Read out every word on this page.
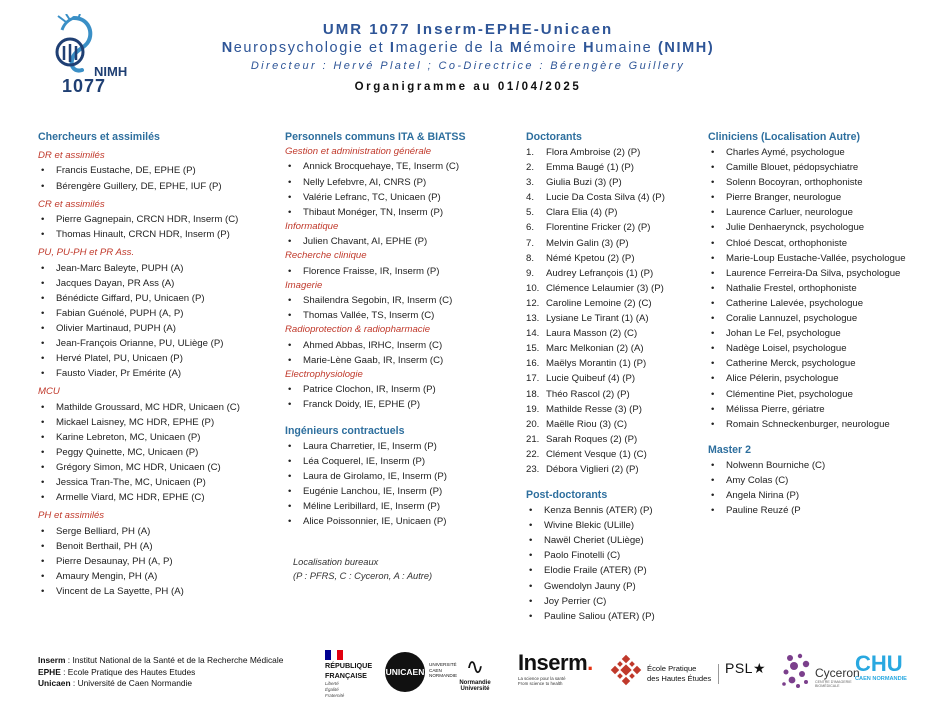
NIMH
1077
UMR 1077 Inserm-EPHE-Unicaen
Neuropsychologie et Imagerie de la Mémoire Humaine (NIMH)
Directeur : Hervé Platel ; Co-Directrice : Bérengère Guillery
Organigramme au 01/04/2025
Chercheurs et assimilés
DR et assimilés
• Francis Eustache, DE, EPHE (P)
• Bérengère Guillery, DE, EPHE, IUF (P)
CR et assimilés
• Pierre Gagnepain, CRCN HDR, Inserm (C)
• Thomas Hinault, CRCN HDR, Inserm (P)
PU, PU-PH et PR Ass.
• Jean-Marc Baleyte, PUPH (A)
• Jacques Dayan, PR Ass (A)
• Bénédicte Giffard, PU, Unicaen (P)
• Fabian Guénolé, PUPH (A, P)
• Olivier Martinaud, PUPH (A)
• Jean-François Orianne, PU, ULiège (P)
• Hervé Platel, PU, Unicaen (P)
• Fausto Viader, Pr Emérite (A)
MCU
• Mathilde Groussard, MC HDR, Unicaen (C)
• Mickael Laisney, MC HDR, EPHE (P)
• Karine Lebreton, MC, Unicaen (P)
• Peggy Quinette, MC, Unicaen (P)
• Grégory Simon, MC HDR, Unicaen (C)
• Jessica Tran-The, MC, Unicaen (P)
• Armelle Viard, MC HDR, EPHE (C)
PH et assimilés
• Serge Belliard, PH (A)
• Benoit Berthail, PH (A)
• Pierre Desaunay, PH (A, P)
• Amaury Mengin, PH (A)
• Vincent de La Sayette, PH (A)
Personnels communs ITA & BIATSS
Gestion et administration générale
• Annick Brocquehaye, TE, Inserm (C)
• Nelly Lefebvre, AI, CNRS (P)
• Valérie Lefranc, TC, Unicaen (P)
• Thibaut Monéger, TN, Inserm (P)
Informatique
• Julien Chavant, AI, EPHE (P)
Recherche clinique
• Florence Fraisse, IR, Inserm (P)
Imagerie
• Shailendra Segobin, IR, Inserm (C)
• Thomas Vallée, TS, Inserm (C)
Radioprotection & radiopharmacie
• Ahmed Abbas, IRHC, Inserm (C)
• Marie-Lène Gaab, IR, Inserm (C)
Electrophysiologie
• Patrice Clochon, IR, Inserm (P)
• Franck Doidy, IE, EPHE (P)
Ingénieurs contractuels
• Laura Charretier, IE, Inserm (P)
• Léa Coquerel, IE, Inserm (P)
• Laura de Girolamo, IE, Inserm (P)
• Eugénie Lanchou, IE, Inserm (P)
• Méline Leribillard, IE, Inserm (P)
• Alice Poissonnier, IE, Unicaen (P)
Localisation bureaux
(P : PFRS, C : Cyceron, A : Autre)
Doctorants
1.	Flora Ambroise (2) (P)
2.	Emma Baugé (1) (P)
3.	Giulia Buzi (3) (P)
4.	Lucie Da Costa Silva (4) (P)
5.	Clara Elia (4) (P)
6.	Florentine Fricker (2) (P)
7.	Melvin Galin (3) (P)
8.	Némé Kpetou (2) (P)
9.	Audrey Lefrançois (1) (P)
10. Clémence Lelaumier (3) (P)
12. Caroline Lemoine (2) (C)
13. Lysiane Le Tirant (1) (A)
14. Laura Masson (2) (C)
15. Marc Melkonian (2) (A)
16. Maëlys Morantin (1) (P)
17. Lucie Quibeuf (4) (P)
18. Théo Rascol (2) (P)
19. Mathilde Resse (3) (P)
20. Maëlle Riou (3) (C)
21. Sarah Roques (2) (P)
22. Clément Vesque (1) (C)
23. Débora Viglieri (2) (P)
Post-doctorants
• Kenza Bennis (ATER) (P)
• Wivine Blekic (ULille)
• Nawël Cheriet (ULiège)
• Paolo Finotelli (C)
• Elodie Fraile (ATER) (P)
• Gwendolyn Jauny (P)
• Joy Perrier (C)
• Pauline Saliou (ATER) (P)
Cliniciens (Localisation Autre)
• Charles Aymé, psychologue
• Camille Blouet, pédopsychiatre
• Solenn Bocoyran, orthophoniste
• Pierre Branger, neurologue
• Laurence Carluer, neurologue
• Julie Denhaerynck, psychologue
• Chloé Descat, orthophoniste
• Marie-Loup Eustache-Vallée, psychologue
• Laurence Ferreira-Da Silva, psychologue
• Nathalie Frestel, orthophoniste
• Catherine Lalevée, psychologue
• Coralie Lannuzel, psychologue
• Johan Le Fel, psychologue
• Nadège Loisel, psychologue
• Catherine Merck, psychologue
• Alice Pélerin, psychologue
• Clémentine Piet, psychologue
• Mélissa Pierre, gériatre
• Romain Schneckenburger, neurologue
Master 2
• Nolwenn Bourniche (C)
• Amy Colas (C)
• Angela Nirina (P)
• Pauline Reuzé (P
Inserm : Institut National de la Santé et de la Recherche Médicale
EPHE : Ecole Pratique des Hautes Etudes
Unicaen : Université de Caen Normandie
RÉPUBLIQUE
FRANÇAISE
Liberté
Égalité
Fraternité
UNICAEN
UNIVERSITÉ
CAEN
NORMANDIE ∿
Normandie Université
Inserm.
La science pour la santé
From science to health
École Pratique
des Hautes Études
PSL★	Cyceron
CENTRE D'IMAGERIE BIOMÉDICALE
CHU
CAEN NORMANDIE
